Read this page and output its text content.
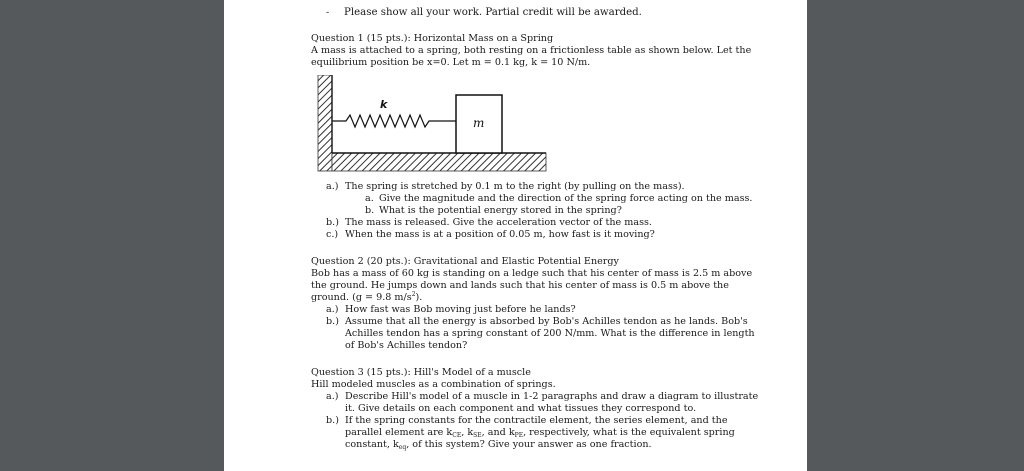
- Please show all your work. Partial credit will be awarded.
Question 1 (15 pts.): Horizontal Mass on a Spring
A mass is attached to a spring, both resting on a frictionless table as shown below. Let the
equilibrium position be x=0. Let m = 0.1 kg, k = 10 N/m.
k
m
a.) The spring is stretched by 0.1 m to the right (by pulling on the mass).
a. Give the magnitude and the direction of the spring force acting on the mass.
b. What is the potential energy stored in the spring?
b.) The mass is released. Give the acceleration vector of the mass.
c.) When the mass is at a position of 0.05 m, how fast is it moving?
Question 2 (20 pts.): Gravitational and Elastic Potential Energy
Bob has a mass of 60 kg is standing on a ledge such that his center of mass is 2.5 m above
the ground. He jumps down and lands such that his center of mass is 0.5 m above the
ground. (g = 9.8 $m/s^2$).
a.) How fast was Bob moving just before he lands?
b.) Assume that all the energy is absorbed by Bob's Achilles tendon as he lands. Bob's
Achilles tendon has a spring constant of 200 N/mm. What is the difference in length
of Bob's Achilles tendon?
Question 3 (15 pts.): Hill's Model of a muscle
Hill modeled muscles as a combination of springs.
a.) Describe Hill's model of a muscle in 1-2 paragraphs and draw a diagram to illustrate
it. Give details on each component and what tissues they correspond to.
b.) If the spring constants for the contractile element, the series element, and the
parallel element are $k_{CE}$, $k_{SE}$, and $k_{PE}$, respectively, what is the equivalent spring
constant, $k_{eq}$, of this system? Give your answer as one fraction.
